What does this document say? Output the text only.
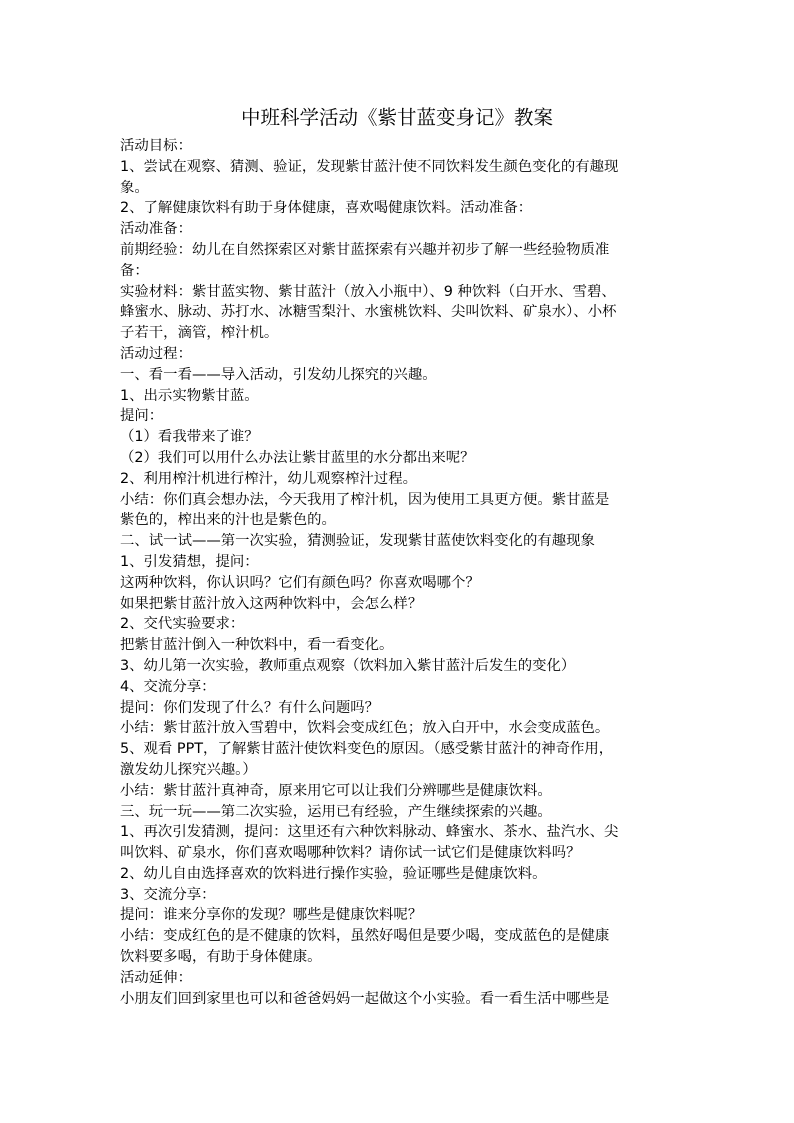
中班科学活动《紫甘蓝变身记》教案
活动目标：
1、尝试在观察、猜测、验证，发现紫甘蓝汁使不同饮料发生颜色变化的有趣现
象。
2、了解健康饮料有助于身体健康，喜欢喝健康饮料。活动准备：
活动准备：
前期经验：幼儿在自然探索区对紫甘蓝探索有兴趣并初步了解一些经验物质准
备：
实验材料：紫甘蓝实物、紫甘蓝汁（放入小瓶中）、9 种饮料（白开水、雪碧、
蜂蜜水、脉动、苏打水、冰糖雪梨汁、水蜜桃饮料、尖叫饮料、矿泉水）、小杯
子若干，滴管，榨汁机。
活动过程：
一、看一看——导入活动，引发幼儿探究的兴趣。
1、出示实物紫甘蓝。
提问：
（1）看我带来了谁？
（2）我们可以用什么办法让紫甘蓝里的水分都出来呢？
2、利用榨汁机进行榨汁，幼儿观察榨汁过程。
小结：你们真会想办法，今天我用了榨汁机，因为使用工具更方便。紫甘蓝是
紫色的，榨出来的汁也是紫色的。
二、试一试——第一次实验，猜测验证，发现紫甘蓝使饮料变化的有趣现象
1、引发猜想，提问：
这两种饮料，你认识吗？它们有颜色吗？你喜欢喝哪个？
如果把紫甘蓝汁放入这两种饮料中，会怎么样？
2、交代实验要求：
把紫甘蓝汁倒入一种饮料中，看一看变化。
3、幼儿第一次实验，教师重点观察（饮料加入紫甘蓝汁后发生的变化）
4、交流分享：
提问：你们发现了什么？有什么问题吗？
小结：紫甘蓝汁放入雪碧中，饮料会变成红色；放入白开中，水会变成蓝色。
5、观看 PPT，了解紫甘蓝汁使饮料变色的原因。（感受紫甘蓝汁的神奇作用，
激发幼儿探究兴趣。）
小结：紫甘蓝汁真神奇，原来用它可以让我们分辨哪些是健康饮料。
三、玩一玩——第二次实验，运用已有经验，产生继续探索的兴趣。
1、再次引发猜测，提问：这里还有六种饮料脉动、蜂蜜水、茶水、盐汽水、尖
叫饮料、矿泉水，你们喜欢喝哪种饮料？请你试一试它们是健康饮料吗？
2、幼儿自由选择喜欢的饮料进行操作实验，验证哪些是健康饮料。
3、交流分享：
提问：谁来分享你的发现？哪些是健康饮料呢？
小结：变成红色的是不健康的饮料，虽然好喝但是要少喝，变成蓝色的是健康
饮料要多喝，有助于身体健康。
活动延伸：
小朋友们回到家里也可以和爸爸妈妈一起做这个小实验。看一看生活中哪些是
